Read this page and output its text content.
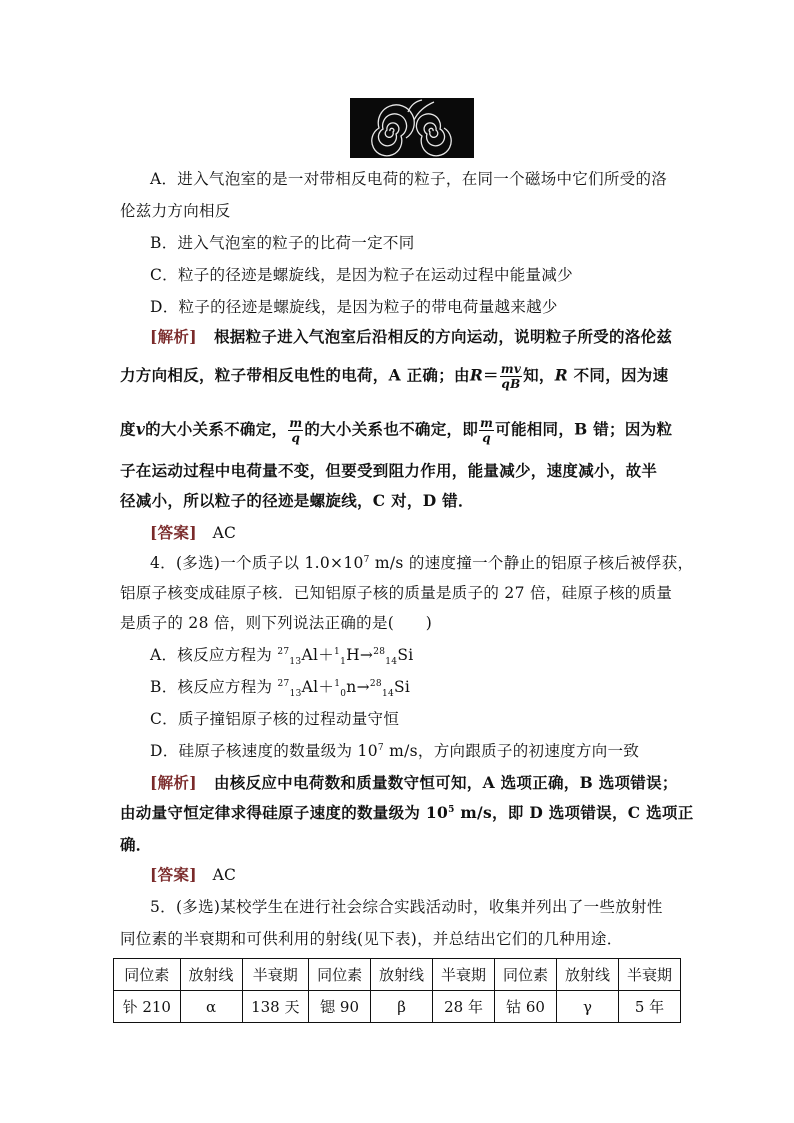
A．进入气泡室的是一对带相反电荷的粒子，在同一个磁场中它们所受的洛
伦兹力方向相反
B．进入气泡室的粒子的比荷一定不同
C．粒子的径迹是螺旋线，是因为粒子在运动过程中能量减少
D．粒子的径迹是螺旋线，是因为粒子的带电荷量越来越少
[解析] 根据粒子进入气泡室后沿相反的方向运动，说明粒子所受的洛伦兹
力方向相反，粒子带相反电性的电荷，A 正确；由$R= \frac{mv}{qB}$ 知，R 不同，因为速
度v的大小关系不确定， $\frac{m}{q}$ 的大小关系也不确定，即 $\frac{m}{q}$ 可能相同，B 错；因为粒
子在运动过程中电荷量不变，但要受到阻力作用，能量减少，速度减小，故半
径减小，所以粒子的径迹是螺旋线，C 对，D 错．
[答案] AC
4．(多选)一个质子以 $1.0\times 10^7$ m/s 的速度撞一个静止的铝原子核后被俘获，
铝原子核变成硅原子核．已知铝原子核的质量是质子的 27 倍，硅原子核的质量
是质子的 28 倍，则下列说法正确的是(　　)
A．核反应方程为 $^{27}_{13}$Al＋$^1_1$H→$^{28}_{14}$Si
B．核反应方程为 $^{27}_{13}$Al＋$^1_0$n→$^{28}_{14}$Si
C．质子撞铝原子核的过程动量守恒
D．硅原子核速度的数量级为 $10^7$ m/s，方向跟质子的初速度方向一致
[解析] 由核反应中电荷数和质量数守恒可知，A 选项正确，B 选项错误；
由动量守恒定律求得硅原子速度的数量级为 $10^5$ m/s，即 D 选项错误，C 选项正
确．
[答案] AC
5．(多选)某校学生在进行社会综合实践活动时，收集并列出了一些放射性
同位素的半衰期和可供利用的射线(见下表)，并总结出它们的几种用途．
同位素	放射线	半衰期	同位素	放射线	半衰期	同位素	放射线	半衰期
钋 210	α	138 天	锶 90	β	28 年	钴 60	γ	5 年
